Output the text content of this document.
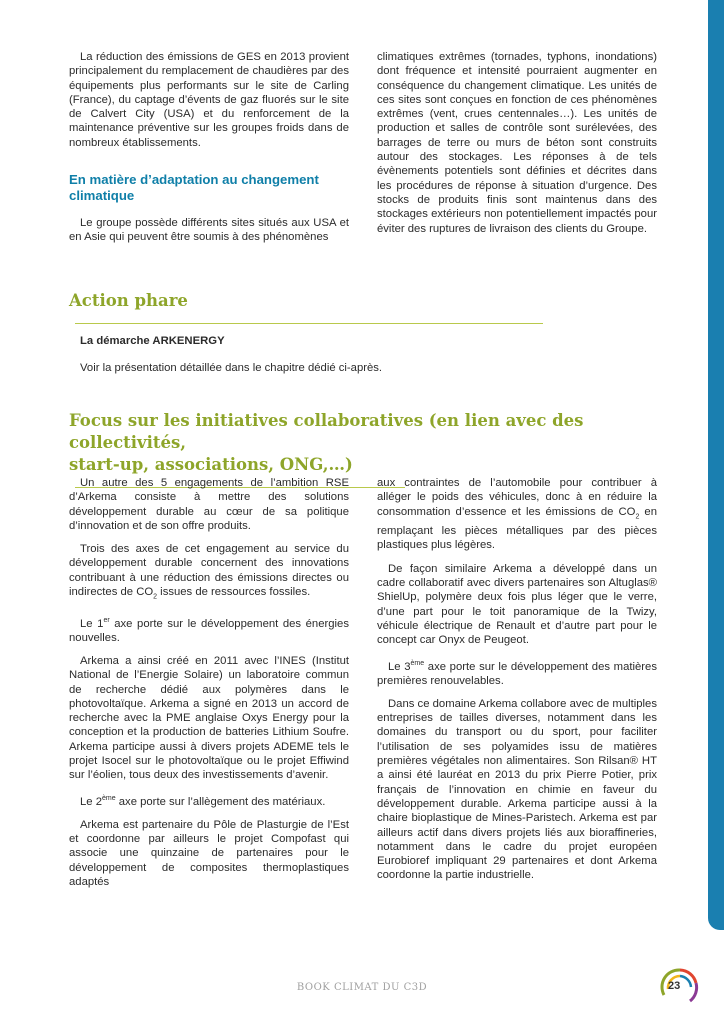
La réduction des émissions de GES en 2013 provient principalement du remplacement de chaudières par des équipements plus performants sur le site de Carling (France), du captage d’évents de gaz fluorés sur le site de Calvert City (USA) et du renforcement de la maintenance préventive sur les groupes froids dans de nombreux établissements.

En matière d’adaptation au changement climatique

Le groupe possède différents sites situés aux USA et en Asie qui peuvent être soumis à des phénomènes

climatiques extrêmes (tornades, typhons, inondations) dont fréquence et intensité pourraient augmenter en conséquence du changement climatique. Les unités de ces sites sont conçues en fonction de ces phénomènes extrêmes (vent, crues centennales…). Les unités de production et salles de contrôle sont surélevées, des barrages de terre ou murs de béton sont construits autour des stockages. Les réponses à de tels évènements potentiels sont définies et décrites dans les procédures de réponse à situation d’urgence. Des stocks de produits finis sont maintenus dans des stockages extérieurs non potentiellement impactés pour éviter des ruptures de livraison des clients du Groupe.

Action phare
La démarche ARKENERGY
Voir la présentation détaillée dans le chapitre dédié ci-après.
Focus sur les initiatives collaboratives (en lien avec des collectivités,
start-up, associations, ONG,…)

Un autre des 5 engagements de l’ambition RSE d’Arkema consiste à mettre des solutions développement durable au cœur de sa politique d’innovation et de son offre produits.

Trois des axes de cet engagement au service du développement durable concernent des innovations contribuant à une réduction des émissions directes ou indirectes de $CO_2$ issues de ressources fossiles.

Le 1er axe porte sur le développement des énergies nouvelles.

Arkema a ainsi créé en 2011 avec l’INES (Institut National de l’Energie Solaire) un laboratoire commun de recherche dédié aux polymères dans le photovoltaïque. Arkema a signé en 2013 un accord de recherche avec la PME anglaise Oxys Energy pour la conception et la production de batteries Lithium Soufre. Arkema participe aussi à divers projets ADEME tels le projet Isocel sur le photovoltaïque ou le projet Effiwind sur l’éolien, tous deux des investissements d’avenir.

Le 2ème axe porte sur l’allègement des matériaux.

Arkema est partenaire du Pôle de Plasturgie de l’Est et coordonne par ailleurs le projet Compofast qui associe une quinzaine de partenaires pour le développement de composites thermoplastiques adaptés

aux contraintes de l’automobile pour contribuer à alléger le poids des véhicules, donc à en réduire la consommation d’essence et les émissions de $CO_2$ en remplaçant les pièces métalliques par des pièces plastiques plus légères.

De façon similaire Arkema a développé dans un cadre collaboratif avec divers partenaires son Altuglas® ShielUp, polymère deux fois plus léger que le verre, d’une part pour le toit panoramique de la Twizy, véhicule électrique de Renault et d’autre part pour le concept car Onyx de Peugeot.

Le 3ème axe porte sur le développement des matières premières renouvelables.

Dans ce domaine Arkema collabore avec de multiples entreprises de tailles diverses, notamment dans les domaines du transport ou du sport, pour faciliter l’utilisation de ses polyamides issu de matières premières végétales non alimentaires. Son Rilsan® HT a ainsi été lauréat en 2013 du prix Pierre Potier, prix français de l’innovation en chimie en faveur du développement durable. Arkema participe aussi à la chaire bioplastique de Mines-Paristech. Arkema est par ailleurs actif dans divers projets liés aux bioraffineries, notamment dans le cadre du projet européen Eurobioref impliquant 29 partenaires et dont Arkema coordonne la partie industrielle.

BOOK CLIMAT DU C3D	23
